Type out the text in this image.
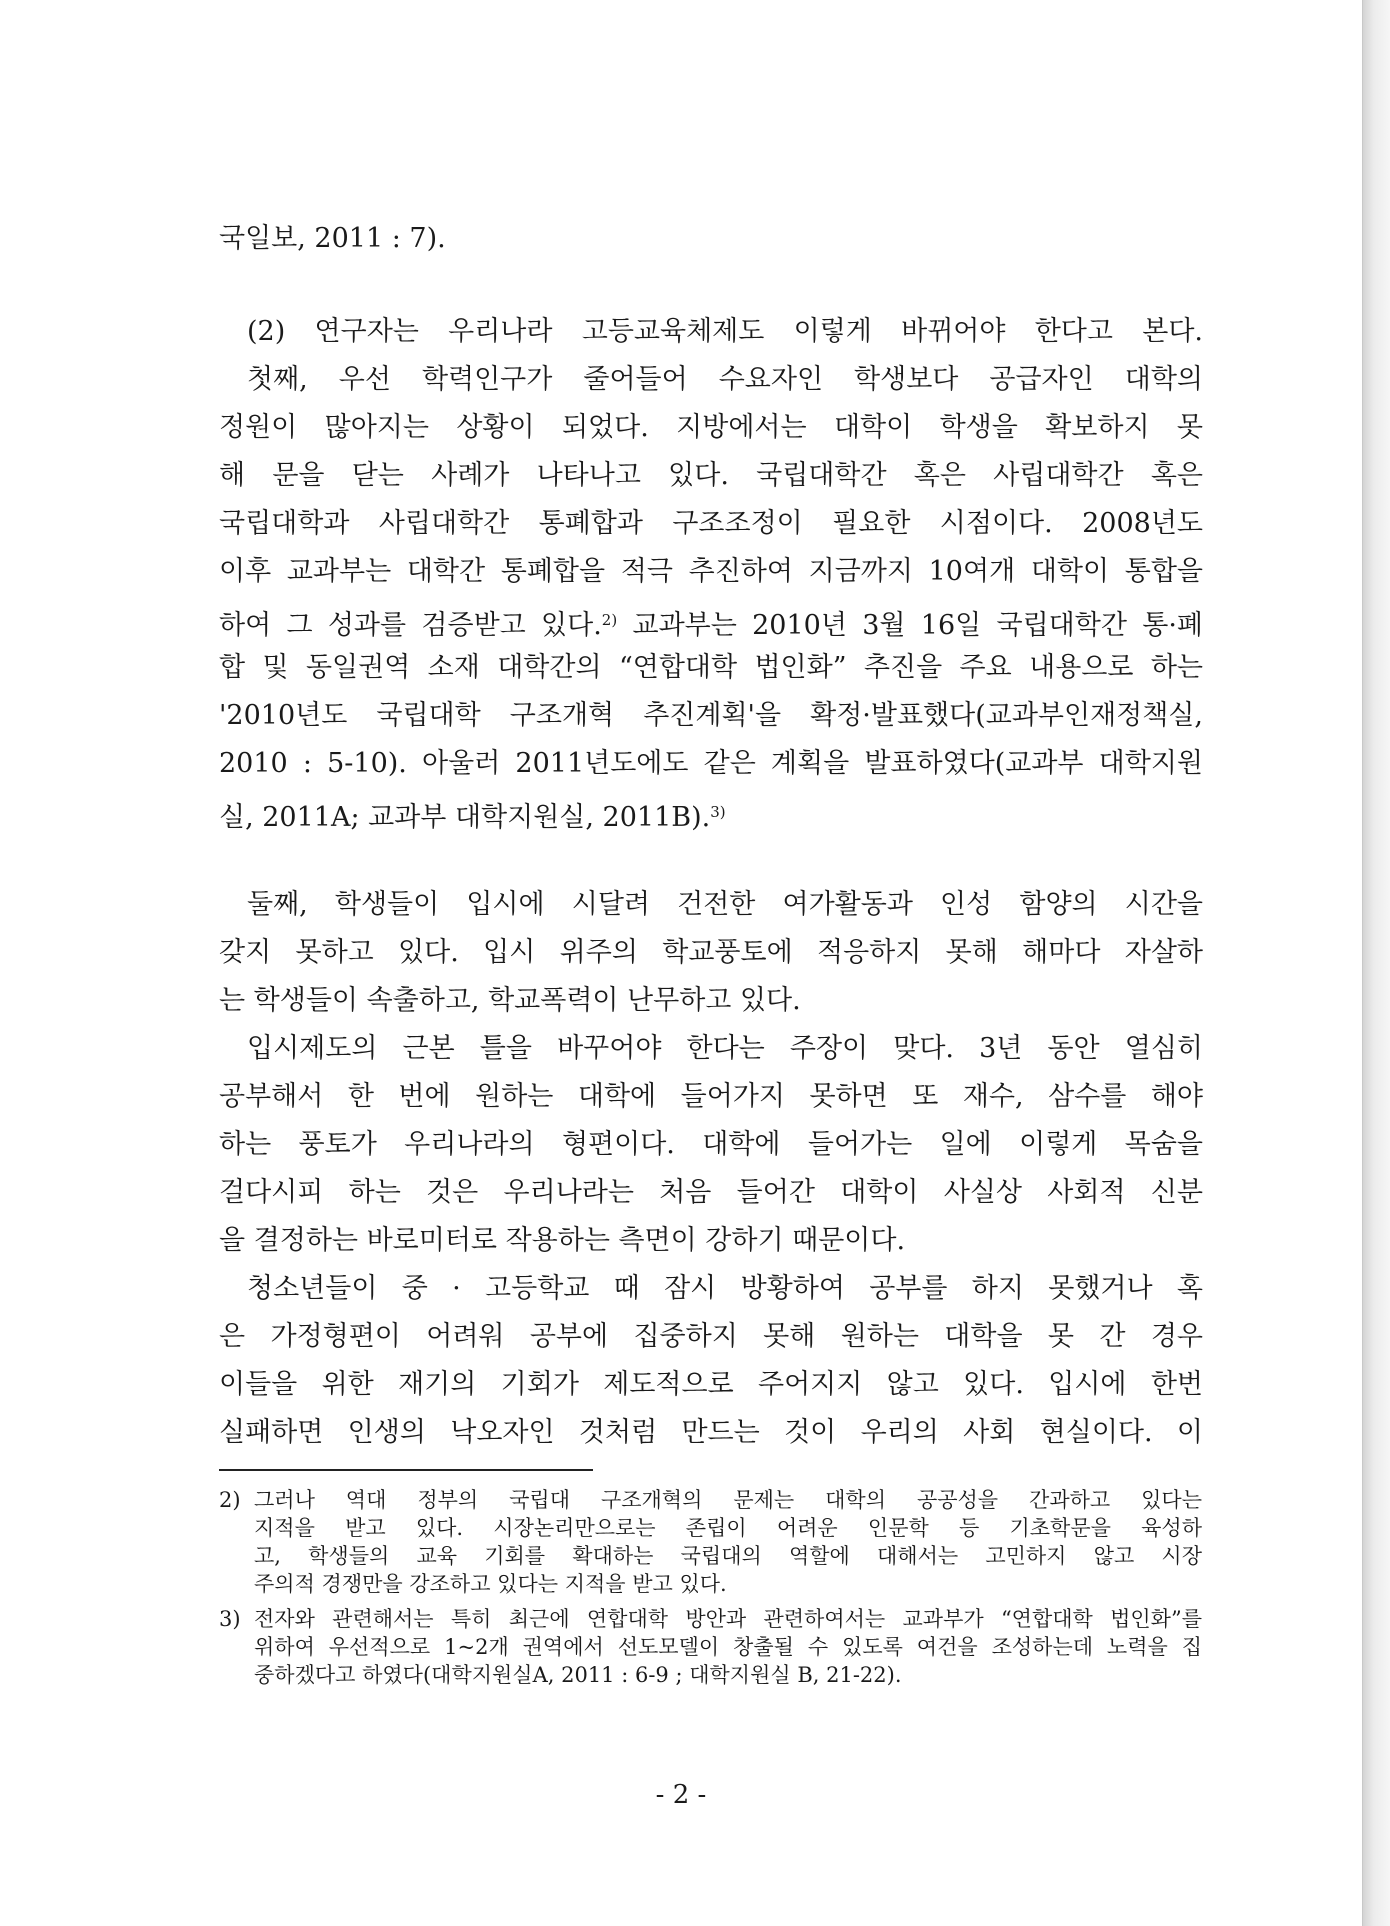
국일보, 2011 : 7).
(2) 연구자는 우리나라 고등교육체제도 이렇게 바뀌어야 한다고 본다.
첫째, 우선 학력인구가 줄어들어 수요자인 학생보다 공급자인 대학의
정원이 많아지는 상황이 되었다. 지방에서는 대학이 학생을 확보하지 못
해 문을 닫는 사례가 나타나고 있다. 국립대학간 혹은 사립대학간 혹은
국립대학과 사립대학간 통폐합과 구조조정이 필요한 시점이다. 2008년도
이후 교과부는 대학간 통폐합을 적극 추진하여 지금까지 10여개 대학이 통합을
하여 그 성과를 검증받고 있다.$^{2)}$ 교과부는 2010년 3월 16일 국립대학간 통·폐
합 및 동일권역 소재 대학간의 “연합대학 법인화” 추진을 주요 내용으로 하는
'2010년도 국립대학 구조개혁 추진계획'을 확정·발표했다(교과부인재정책실,
2010 : 5-10). 아울러 2011년도에도 같은 계획을 발표하였다(교과부 대학지원
실, 2011A; 교과부 대학지원실, 2011B).$^{3)}$
둘째, 학생들이 입시에 시달려 건전한 여가활동과 인성 함양의 시간을
갖지 못하고 있다. 입시 위주의 학교풍토에 적응하지 못해 해마다 자살하
는 학생들이 속출하고, 학교폭력이 난무하고 있다.
입시제도의 근본 틀을 바꾸어야 한다는 주장이 맞다. 3년 동안 열심히
공부해서 한 번에 원하는 대학에 들어가지 못하면 또 재수, 삼수를 해야
하는 풍토가 우리나라의 형편이다. 대학에 들어가는 일에 이렇게 목숨을
걸다시피 하는 것은 우리나라는 처음 들어간 대학이 사실상 사회적 신분
을 결정하는 바로미터로 작용하는 측면이 강하기 때문이다.
청소년들이 중 · 고등학교 때 잠시 방황하여 공부를 하지 못했거나 혹
은 가정형편이 어려워 공부에 집중하지 못해 원하는 대학을 못 간 경우
이들을 위한 재기의 기회가 제도적으로 주어지지 않고 있다. 입시에 한번
실패하면 인생의 낙오자인 것처럼 만드는 것이 우리의 사회 현실이다. 이
2) 그러나 역대 정부의 국립대 구조개혁의 문제는 대학의 공공성을 간과하고 있다는
지적을 받고 있다. 시장논리만으로는 존립이 어려운 인문학 등 기초학문을 육성하
고, 학생들의 교육 기회를 확대하는 국립대의 역할에 대해서는 고민하지 않고 시장
주의적 경쟁만을 강조하고 있다는 지적을 받고 있다.
3) 전자와 관련해서는 특히 최근에 연합대학 방안과 관련하여서는 교과부가 “연합대학 법인화”를
위하여 우선적으로 1~2개 권역에서 선도모델이 창출될 수 있도록 여건을 조성하는데 노력을 집
중하겠다고 하였다(대학지원실A, 2011 : 6-9 ; 대학지원실 B, 21-22).
- 2 -
